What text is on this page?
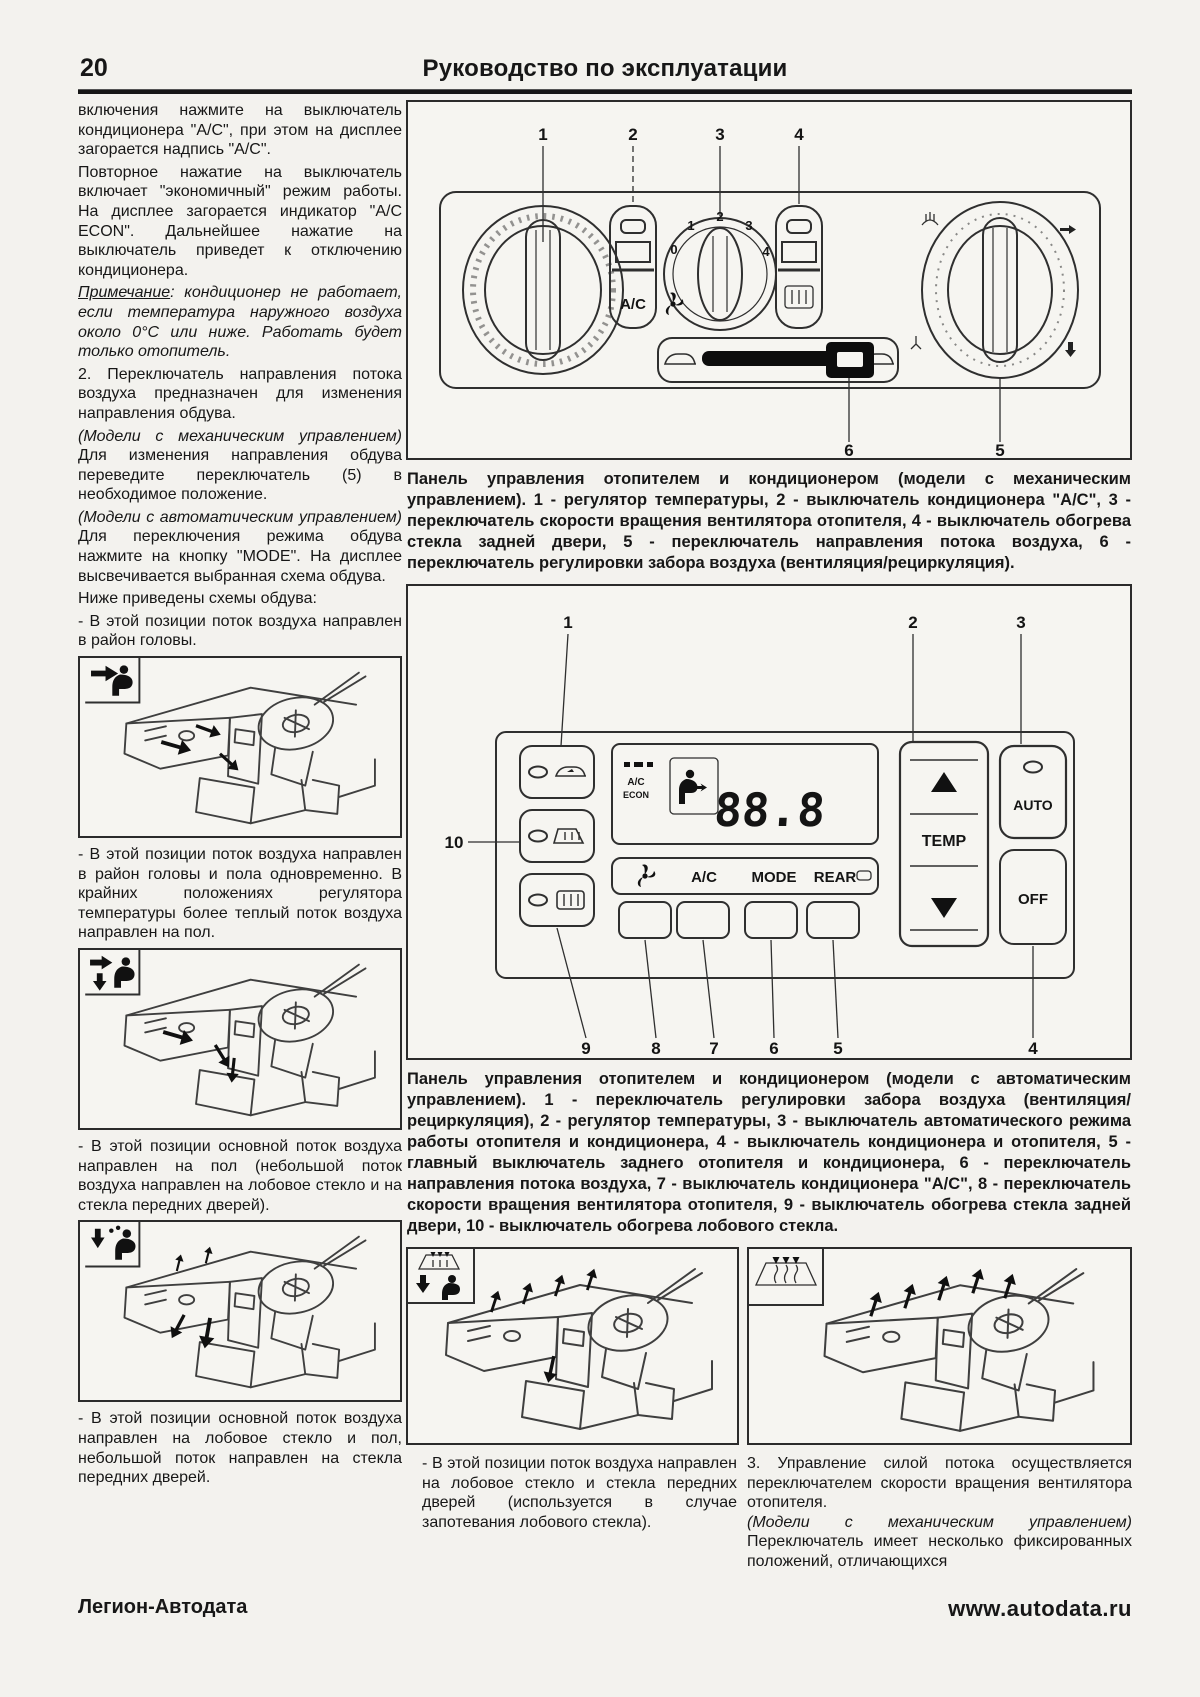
20	Руководство по эксплуатации

включения нажмите на выключатель кондиционера "A/C", при этом на дисплее загорается надпись "A/C".

Повторное нажатие на выключатель включает "экономичный" режим работы. На дисплее загорается индикатор "A/C ECON". Дальнейшее нажатие на выключатель приведет к отключению кондиционера.

Примечание: кондиционер не работает, если температура наружного воздуха около 0°С или ниже. Работать будет только отопитель.

2. Переключатель направления потока воздуха предназначен для изменения направления обдува.

(Модели с механическим управлением) Для изменения направления обдува переведите переключатель (5) в необходимое положение.

(Модели с автоматическим управлением) Для переключения режима обдува нажмите на кнопку "MODE". На дисплее высвечивается выбранная схема обдува.

Ниже приведены схемы обдува:

- В этой позиции поток воздуха направлен в район головы.

- В этой позиции поток воздуха направлен в район головы и пола одновременно. В крайних положениях регулятора температуры более теплый поток воздуха направлен на пол.

- В этой позиции основной поток воздуха направлен на пол (небольшой поток воздуха направлен на лобовое стекло и на стекла передних дверей).

- В этой позиции основной поток воздуха направлен на лобовое стекло и пол, небольшой поток направлен на стекла передних дверей.

1	2	3	4
6	5
A/C
0
1
2
3
4

Панель управления отопителем и кондиционером (модели с механическим управлением). 1 - регулятор температуры, 2 - выключатель кондиционера "A/C", 3 - переключатель скорости вращения вентилятора отопителя, 4 - выключатель обогрева стекла задней двери, 5 - переключатель направления потока воздуха, 6 - переключатель регулировки забора воздуха (вентиляция/рециркуляция).

1	2	3
10
9	8	7	6	5	4
A/C
ECON 88.8
A/C MODE REAR
TEMP
AUTO
OFF

Панель управления отопителем и кондиционером (модели с автоматическим управлением). 1 - переключатель регулировки забора воздуха (вентиляция/рециркуляция), 2 - регулятор температуры, 3 - выключатель автоматического режима работы отопителя и кондиционера, 4 - выключатель кондиционера и отопителя, 5 - главный выключатель заднего отопителя и кондиционера, 6 - переключатель направления потока воздуха, 7 - выключатель кондиционера "A/C", 8 - переключатель скорости вращения вентилятора отопителя, 9 - выключатель обогрева стекла задней двери, 10 - выключатель обогрева лобового стекла.

- В этой позиции поток воздуха направлен на лобовое стекло и стекла передних дверей (используется в случае запотевания лобового стекла).

3. Управление силой потока осуществляется переключателем скорости вращения вентилятора отопителя.
(Модели с механическим управлением) Переключатель имеет несколько фиксированных положений, отличающихся

Легион-Автодата	www.autodata.ru
